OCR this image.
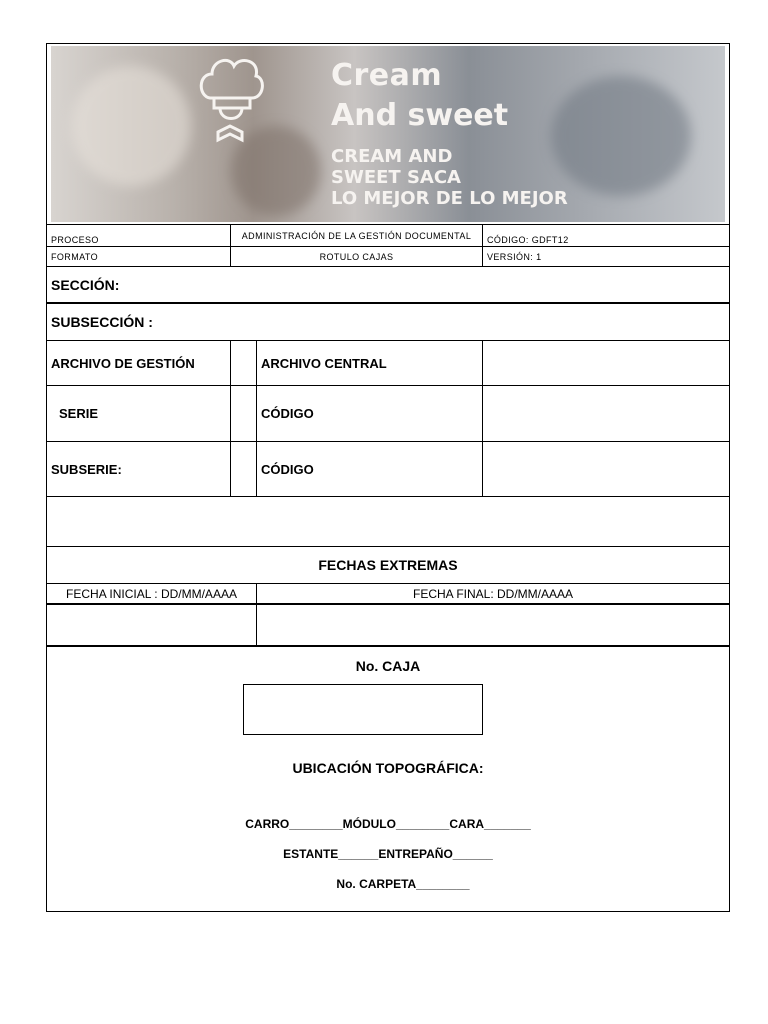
Cream
And sweet
CREAM AND
SWEET SACA
LO MEJOR DE LO MEJOR
PROCESO	ADMINISTRACIÓN DE LA GESTIÓN DOCUMENTAL	CÓDIGO: GDFT12
FORMATO	ROTULO CAJAS	VERSIÓN: 1
SECCIÓN:
SUBSECCIÓN :
ARCHIVO DE GESTIÓN	ARCHIVO CENTRAL
SERIE	CÓDIGO
SUBSERIE:	CÓDIGO
FECHAS EXTREMAS
FECHA INICIAL : DD/MM/AAAA	FECHA FINAL: DD/MM/AAAA
No. CAJA
UBICACIÓN TOPOGRÁFICA:
CARRO________MÓDULO________CARA_______
ESTANTE______ENTREPAÑO______
No. CARPETA________
